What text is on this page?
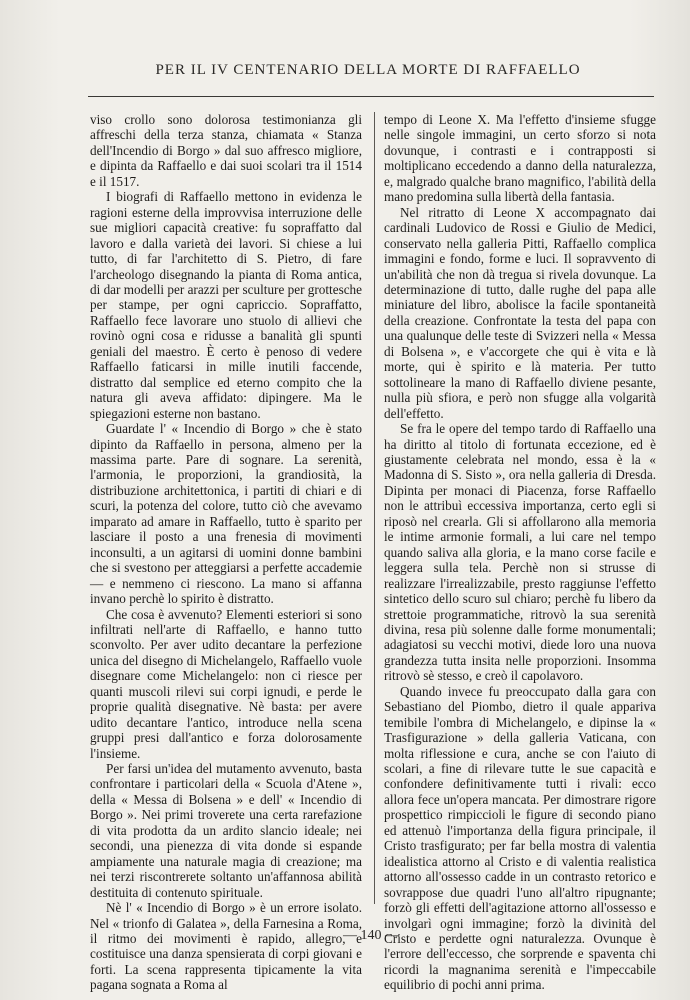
PER IL IV CENTENARIO DELLA MORTE DI RAFFAELLO

viso crollo sono dolorosa testimonianza gli affreschi della terza stanza, chiamata « Stanza dell'Incendio di Borgo » dal suo affresco migliore, e dipinta da Raffaello e dai suoi scolari tra il 1514 e il 1517.

I biografi di Raffaello mettono in evidenza le ragioni esterne della improvvisa interruzione delle sue migliori capacità creative: fu sopraffatto dal lavoro e dalla varietà dei lavori. Si chiese a lui tutto, di far l'architetto di S. Pietro, di fare l'archeologo disegnando la pianta di Roma antica, di dar modelli per arazzi per sculture per grottesche per stampe, per ogni capriccio. Sopraffatto, Raffaello fece lavorare uno stuolo di allievi che rovinò ogni cosa e ridusse a banalità gli spunti geniali del maestro. È certo è penoso di vedere Raffaello faticarsi in mille inutili faccende, distratto dal semplice ed eterno compito che la natura gli aveva affidato: dipingere. Ma le spiegazioni esterne non bastano.

Guardate l' « Incendio di Borgo » che è stato dipinto da Raffaello in persona, almeno per la massima parte. Pare di sognare. La serenità, l'armonia, le proporzioni, la grandiosità, la distribuzione architettonica, i partiti di chiari e di scuri, la potenza del colore, tutto ciò che avevamo imparato ad amare in Raffaello, tutto è sparito per lasciare il posto a una frenesia di movimenti inconsulti, a un agitarsi di uomini donne bambini che si svestono per atteggiarsi a perfette accademie — e nemmeno ci riescono. La mano si affanna invano perchè lo spirito è distratto.

Che cosa è avvenuto? Elementi esteriori si sono infiltrati nell'arte di Raffaello, e hanno tutto sconvolto. Per aver udito decantare la perfezione unica del disegno di Michelangelo, Raffaello vuole disegnare come Michelangelo: non ci riesce per quanti muscoli rilevi sui corpi ignudi, e perde le proprie qualità disegnative. Nè basta: per avere udito decantare l'antico, introduce nella scena gruppi presi dall'antico e forza dolorosamente l'insieme.

Per farsi un'idea del mutamento avvenuto, basta confrontare i particolari della « Scuola d'Atene », della « Messa di Bolsena » e dell' « Incendio di Borgo ». Nei primi troverete una certa rarefazione di vita prodotta da un ardito slancio ideale; nei secondi, una pienezza di vita donde si espande ampiamente una naturale magia di creazione; ma nei terzi riscontrerete soltanto un'affannosa abilità destituita di contenuto spirituale.

Nè l' « Incendio di Borgo » è un errore isolato. Nel « trionfo di Galatea », della Farnesina a Roma, il ritmo dei movimenti è rapido, allegro, e costituisce una danza spensierata di corpi giovani e forti. La scena rappresenta tipicamente la vita pagana sognata a Roma al

tempo di Leone X. Ma l'effetto d'insieme sfugge nelle singole immagini, un certo sforzo si nota dovunque, i contrasti e i contrapposti si moltiplicano eccedendo a danno della naturalezza, e, malgrado qualche brano magnifico, l'abilità della mano predomina sulla libertà della fantasia.

Nel ritratto di Leone X accompagnato dai cardinali Ludovico de Rossi e Giulio de Medici, conservato nella galleria Pitti, Raffaello complica immagini e fondo, forme e luci. Il sopravvento di un'abilità che non dà tregua si rivela dovunque. La determinazione di tutto, dalle rughe del papa alle miniature del libro, abolisce la facile spontaneità della creazione. Confrontate la testa del papa con una qualunque delle teste di Svizzeri nella « Messa di Bolsena », e v'accorgete che qui è vita e là morte, qui è spirito e là materia. Per tutto sottolineare la mano di Raffaello diviene pesante, nulla più sfiora, e però non sfugge alla volgarità dell'effetto.

Se fra le opere del tempo tardo di Raffaello una ha diritto al titolo di fortunata eccezione, ed è giustamente celebrata nel mondo, essa è la « Madonna di S. Sisto », ora nella galleria di Dresda. Dipinta per monaci di Piacenza, forse Raffaello non le attribuì eccessiva importanza, certo egli si riposò nel crearla. Gli si affollarono alla memoria le intime armonie formali, a lui care nel tempo quando saliva alla gloria, e la mano corse facile e leggera sulla tela. Perchè non si strusse di realizzare l'irrealizzabile, presto raggiunse l'effetto sintetico dello scuro sul chiaro; perchè fu libero da strettoie programmatiche, ritrovò la sua serenità divina, resa più solenne dalle forme monumentali; adagiatosi su vecchi motivi, diede loro una nuova grandezza tutta insita nelle proporzioni. Insomma ritrovò sè stesso, e creò il capolavoro.

Quando invece fu preoccupato dalla gara con Sebastiano del Piombo, dietro il quale appariva temibile l'ombra di Michelangelo, e dipinse la « Trasfigurazione » della galleria Vaticana, con molta riflessione e cura, anche se con l'aiuto di scolari, a fine di rilevare tutte le sue capacità e confondere definitivamente tutti i rivali: ecco allora fece un'opera mancata. Per dimostrare rigore prospettico rimpiccioli le figure di secondo piano ed attenuò l'importanza della figura principale, il Cristo trasfigurato; per far bella mostra di valentia idealistica attorno al Cristo e di valentia realistica attorno all'ossesso cadde in un contrasto retorico e sovrappose due quadri l'uno all'altro ripugnante; forzò gli effetti dell'agitazione attorno all'ossesso e involgarì ogni immagine; forzò la divinità del Cristo e perdette ogni naturalezza. Ovunque è l'errore dell'eccesso, che sorprende e spaventa chi ricordi la magnanima serenità e l'impeccabile equilibrio di pochi anni prima.

— 140 —
